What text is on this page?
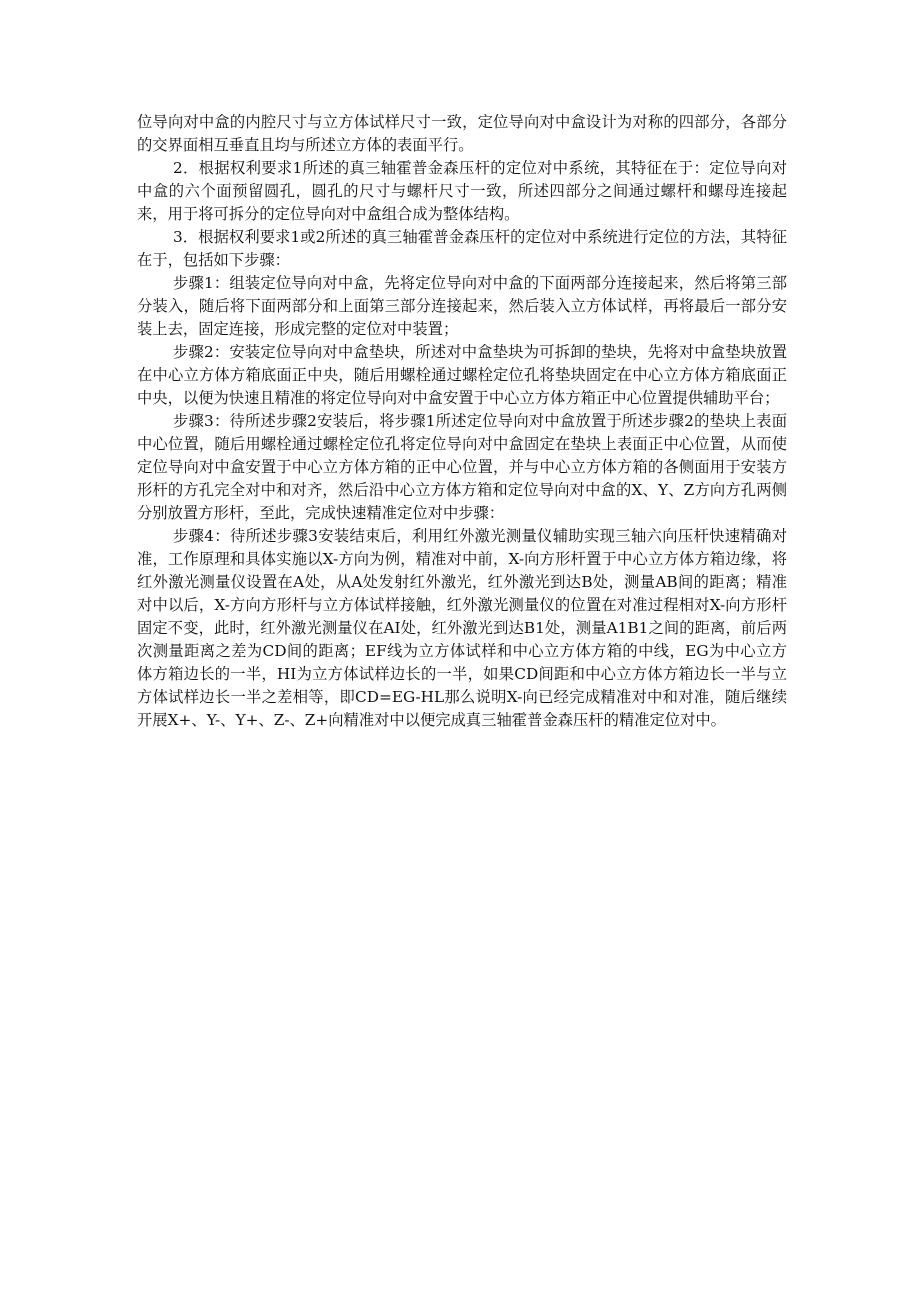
位导向对中盒的内腔尺寸与立方体试样尺寸一致，定位导向对中盒设计为对称的四部分，各部分的交界面相互垂直且均与所述立方体的表面平行。

2．根据权利要求1所述的真三轴霍普金森压杆的定位对中系统，其特征在于：定位导向对中盒的六个面预留圆孔，圆孔的尺寸与螺杆尺寸一致，所述四部分之间通过螺杆和螺母连接起来，用于将可拆分的定位导向对中盒组合成为整体结构。

3．根据权利要求1或2所述的真三轴霍普金森压杆的定位对中系统进行定位的方法，其特征在于，包括如下步骤：

步骤1：组装定位导向对中盒，先将定位导向对中盒的下面两部分连接起来，然后将第三部分装入，随后将下面两部分和上面第三部分连接起来，然后装入立方体试样，再将最后一部分安装上去，固定连接，形成完整的定位对中装置；

步骤2：安装定位导向对中盒垫块，所述对中盒垫块为可拆卸的垫块，先将对中盒垫块放置在中心立方体方箱底面正中央，随后用螺栓通过螺栓定位孔将垫块固定在中心立方体方箱底面正中央，以便为快速且精准的将定位导向对中盒安置于中心立方体方箱正中心位置提供辅助平台；

步骤3：待所述步骤2安装后，将步骤1所述定位导向对中盒放置于所述步骤2的垫块上表面中心位置，随后用螺栓通过螺栓定位孔将定位导向对中盒固定在垫块上表面正中心位置，从而使定位导向对中盒安置于中心立方体方箱的正中心位置，并与中心立方体方箱的各侧面用于安装方形杆的方孔完全对中和对齐，然后沿中心立方体方箱和定位导向对中盒的X、Y、Z方向方孔两侧分别放置方形杆，至此，完成快速精准定位对中步骤：

步骤4：待所述步骤3安装结束后，利用红外激光测量仪辅助实现三轴六向压杆快速精确对准，工作原理和具体实施以X-方向为例，精准对中前，X-向方形杆置于中心立方体方箱边缘，将红外激光测量仪设置在A处，从A处发射红外激光，红外激光到达B处，测量AB间的距离；精准对中以后，X-方向方形杆与立方体试样接触，红外激光测量仪的位置在对准过程相对X-向方形杆固定不变，此时，红外激光测量仪在AI处，红外激光到达B1处，测量A1B1之间的距离，前后两次测量距离之差为CD间的距离；EF线为立方体试样和中心立方体方箱的中线，EG为中心立方体方箱边长的一半，HI为立方体试样边长的一半，如果CD间距和中心立方体方箱边长一半与立方体试样边长一半之差相等，即CD=EG-HL那么说明X-向已经完成精准对中和对准，随后继续开展X+、Y-、Y+、Z-、Z+向精准对中以便完成真三轴霍普金森压杆的精准定位对中。
